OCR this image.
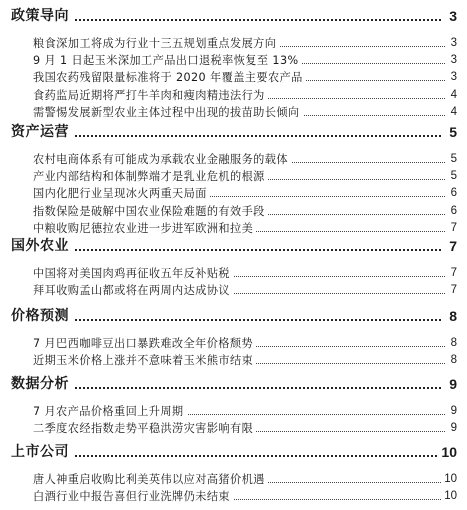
政策导向	3
粮食深加工将成为行业十三五规划重点发展方向	3
9 月 1 日起玉米深加工产品出口退税率恢复至 13%	3
我国农药残留限量标准将于 2020 年覆盖主要农产品	3
食药监局近期将严打牛羊肉和瘦肉精违法行为	4
需警惕发展新型农业主体过程中出现的拔苗助长倾向	4
资产运营	5
农村电商体系有可能成为承载农业金融服务的载体	5
产业内部结构和体制弊端才是乳业危机的根源	5
国内化肥行业呈现冰火两重天局面	6
指数保险是破解中国农业保险难题的有效手段	6
中粮收购尼德拉农业进一步进军欧洲和拉美	7
国外农业	7
中国将对美国肉鸡再征收五年反补贴税	7
拜耳收购孟山都或将在两周内达成协议	7
价格预测	8
7 月巴西咖啡豆出口暴跌难改全年价格颓势	8
近期玉米价格上涨并不意味着玉米熊市结束	8
数据分析	9
7 月农产品价格重回上升周期	9
二季度农经指数走势平稳洪涝灾害影响有限	9
上市公司	10
唐人神重启收购比利美英伟以应对高猪价机遇	10
白酒行业中报告喜但行业洗牌仍未结束	10
